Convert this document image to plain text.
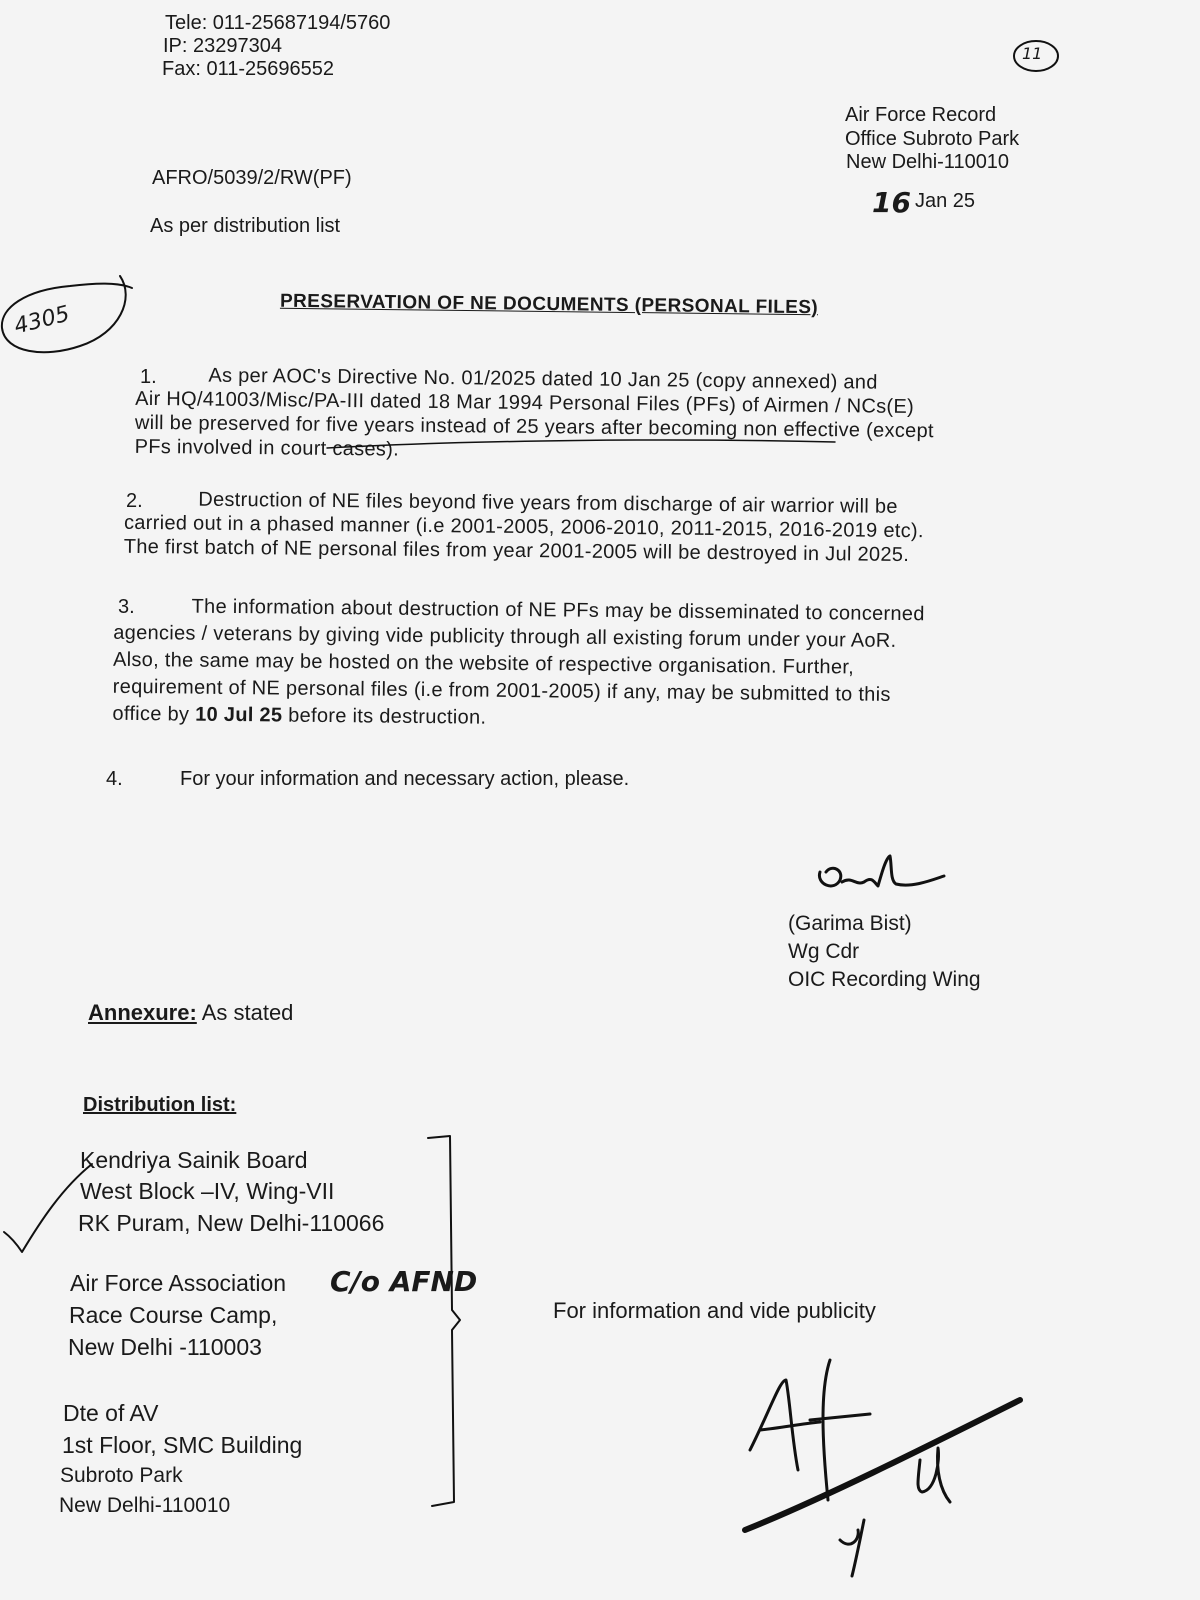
Tele: 011-25687194/5760
IP: 23297304
Fax: 011-25696552
11
Air Force Record
Office Subroto Park
New Delhi-110010
16 Jan 25
AFRO/5039/2/RW(PF)
As per distribution list
4305	PRESERVATION OF NE DOCUMENTS (PERSONAL FILES)
1.	As per AOC's Directive No. 01/2025 dated 10 Jan 25 (copy annexed) and
Air HQ/41003/Misc/PA-III dated 18 Mar 1994 Personal Files (PFs) of Airmen / NCs(E)
will be preserved for five years instead of 25 years after becoming non effective (except
PFs involved in court cases).
2.	Destruction of NE files beyond five years from discharge of air warrior will be
carried out in a phased manner (i.e 2001-2005, 2006-2010, 2011-2015, 2016-2019 etc).
The first batch of NE personal files from year 2001-2005 will be destroyed in Jul 2025.
3.	The information about destruction of NE PFs may be disseminated to concerned
agencies / veterans by giving vide publicity through all existing forum under your AoR.
Also, the same may be hosted on the website of respective organisation. Further,
requirement of NE personal files (i.e from 2001-2005) if any, may be submitted to this
office by 10 Jul 25 before its destruction.
4.	For your information and necessary action, please.
(Garima Bist)
Wg Cdr
OIC Recording Wing
Annexure: As stated
Distribution list:
Kendriya Sainik Board
West Block –IV, Wing-VII
RK Puram, New Delhi-110066
Air Force Association C/o AFND
Race Course Camp,
New Delhi -110003
Dte of AV
1st Floor, SMC Building
Subroto Park
New Delhi-110010
For information and vide publicity
